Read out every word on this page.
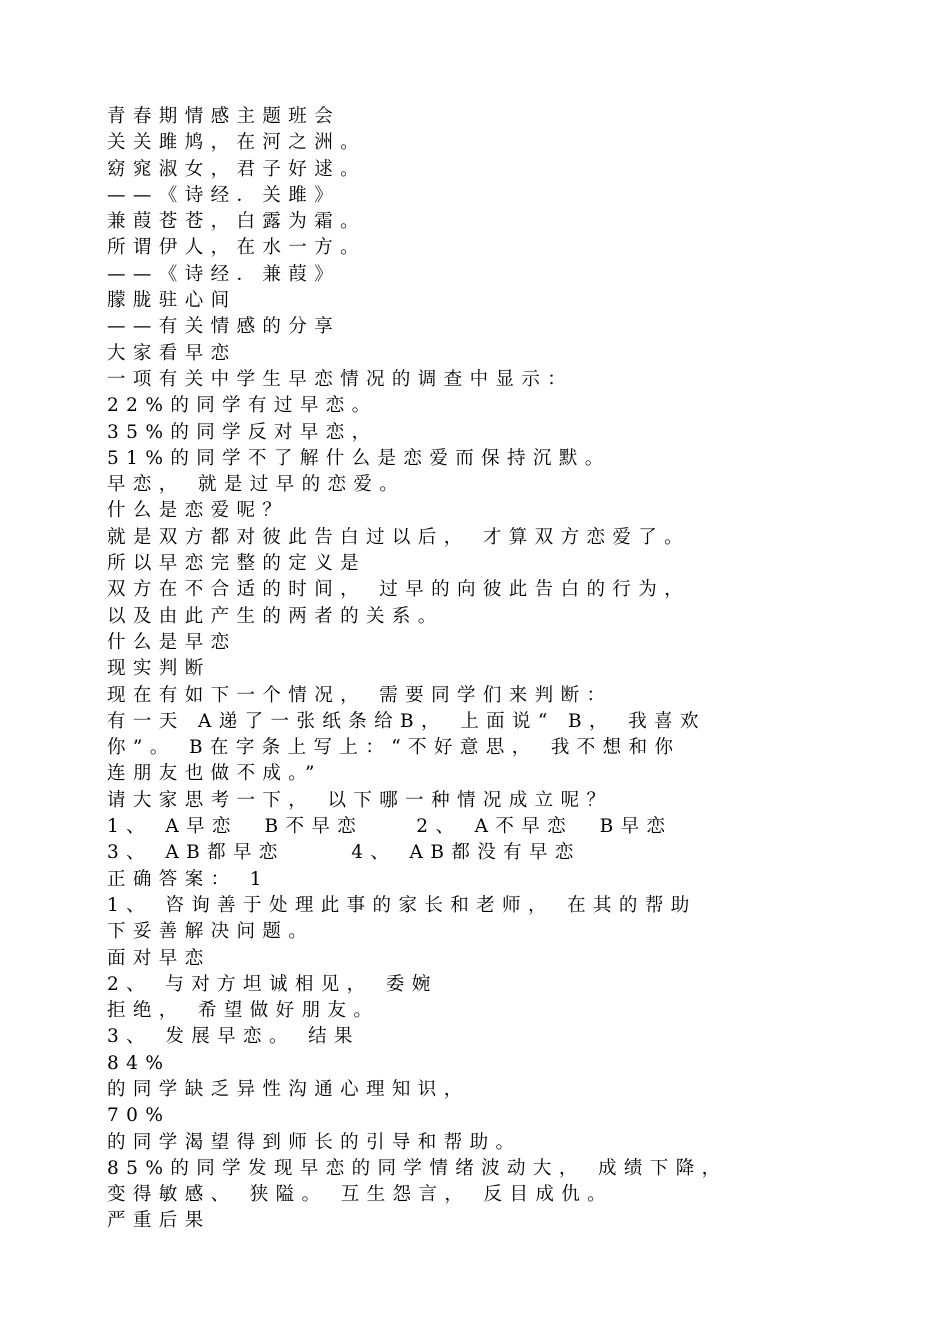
青春期情感主题班会
关关雎鸠，在河之洲。
窈窕淑女，君子好逑。
——《诗经．关雎》
兼葭苍苍，白露为霜。
所谓伊人，在水一方。
——《诗经．兼葭》
朦胧驻心间
——有关情感的分享
大家看早恋
一项有关中学生早恋情况的调查中显示：
22%的同学有过早恋。
35%的同学反对早恋，
51%的同学不了解什么是恋爱而保持沉默。
早恋， 就是过早的恋爱。
什么是恋爱呢？
就是双方都对彼此告白过以后， 才算双方恋爱了。
所以早恋完整的定义是
双方在不合适的时间， 过早的向彼此告白的行为，
以及由此产生的两者的关系。
什么是早恋
现实判断
现在有如下一个情况， 需要同学们来判断：
有一天 A递了一张纸条给B， 上面说“ B， 我喜欢
你”。 B在字条上写上：“不好意思， 我不想和你
连朋友也做不成。”
请大家思考一下， 以下哪一种情况成立呢？
1、 A早恋  B不早恋    2、 A不早恋  B早恋
3、 AB都早恋     4、 AB都没有早恋
正确答案： 1
1、 咨询善于处理此事的家长和老师， 在其的帮助
下妥善解决问题。
面对早恋
2、 与对方坦诚相见， 委婉
拒绝， 希望做好朋友。
3、 发展早恋。 结果
84%
的同学缺乏异性沟通心理知识，
70%
的同学渴望得到师长的引导和帮助。
85%的同学发现早恋的同学情绪波动大， 成绩下降，
变得敏感、 狭隘。 互生怨言， 反目成仇。
严重后果
